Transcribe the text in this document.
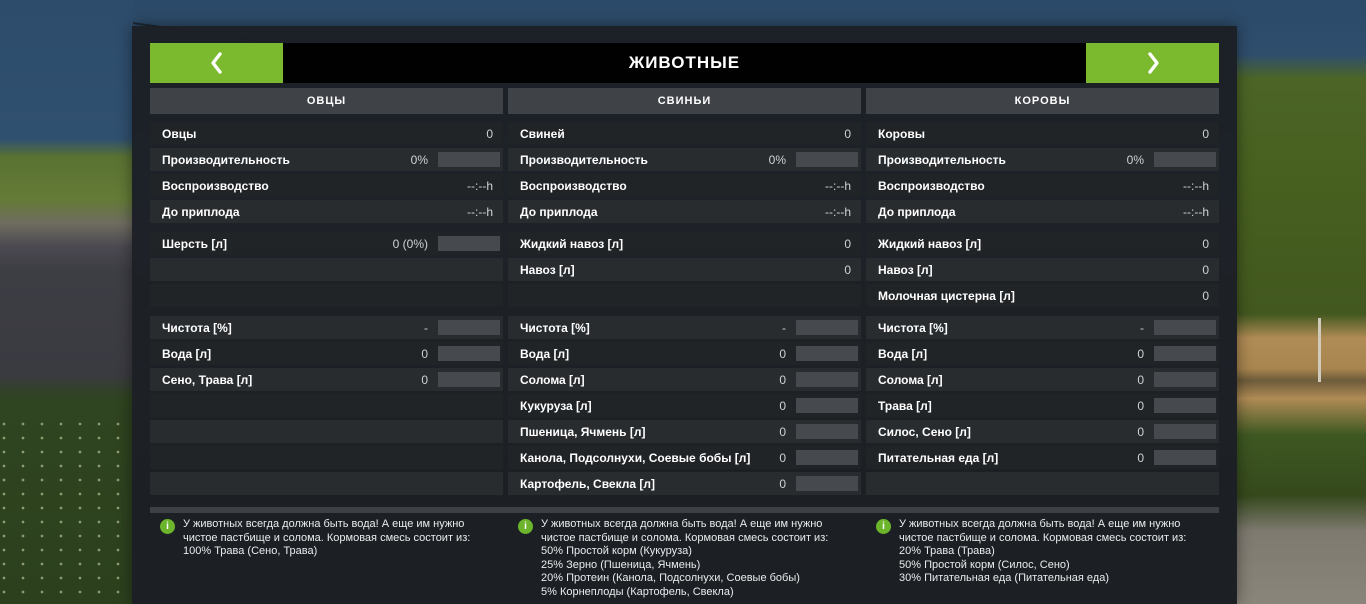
ЖИВОТНЫЕ
ОВЦЫ
Овцы	0
Производительность	0%
Воспроизводство	--:--h
До приплода	--:--h
Шерсть [л]	0 (0%)
Чистота [%]	-
Вода [л]	0
Сено, Трава [л]	0
i	У животных всегда должна быть вода! А еще им нужно чистое пастбище и солома. Кормовая смесь состоит из:
100% Трава (Сено, Трава)
СВИНЬИ
Свиней	0
Производительность	0%
Воспроизводство	--:--h
До приплода	--:--h
Жидкий навоз [л]	0
Навоз [л]	0
Чистота [%]	-
Вода [л]	0
Солома [л]	0
Кукуруза [л]	0
Пшеница, Ячмень [л]	0
Канола, Подсолнухи, Соевые бобы [л]	0
Картофель, Свекла [л]	0
i	У животных всегда должна быть вода! А еще им нужно чистое пастбище и солома. Кормовая смесь состоит из:
50% Простой корм (Кукуруза)
25% Зерно (Пшеница, Ячмень)
20% Протеин (Канола, Подсолнухи, Соевые бобы)
5% Корнеплоды (Картофель, Свекла)
КОРОВЫ
Коровы	0
Производительность	0%
Воспроизводство	--:--h
До приплода	--:--h
Жидкий навоз [л]	0
Навоз [л]	0
Молочная цистерна [л]	0
Чистота [%]	-
Вода [л]	0
Солома [л]	0
Трава [л]	0
Силос, Сено [л]	0
Питательная еда [л]	0
i	У животных всегда должна быть вода! А еще им нужно чистое пастбище и солома. Кормовая смесь состоит из:
20% Трава (Трава)
50% Простой корм (Силос, Сено)
30% Питательная еда (Питательная еда)
